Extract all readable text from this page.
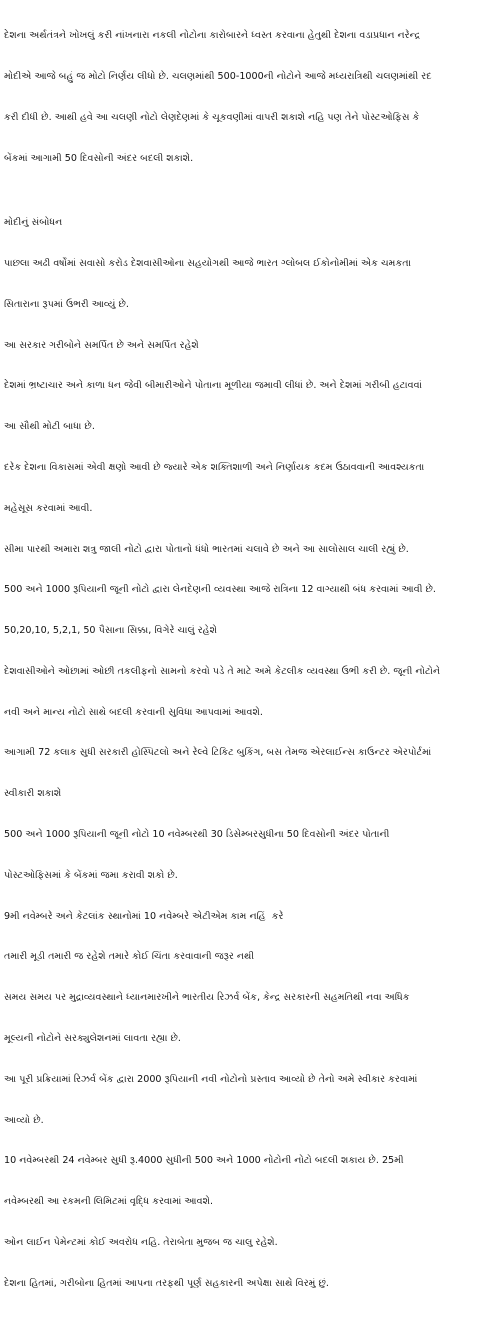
દેશના અર્થતંત્રને ખોખલું કરી નાંખનારા નકલી નોટોના કારોબારને ધ્વસ્ત કરવાના હેતુથી દેશના વડાપ્રધાન નરેન્દ્ર

મોદીએ આજે બહું જ મોટો નિર્ણય લીધો છે. ચલણમાંથી 500-1000ની નોટોને આજે મધ્યરાત્રિથી ચલણમાંથી રદ

કરી દીધી છે. આથી હવે આ ચલણી નોટો લેણદેણમાં કે ચૂકવણીમાં વાપરી શકાશે નહિ પણ તેને પોસ્ટઓફિસ કે

બેંકમાં આગામી 50 દિવસોની અંદર બદલી શકાશે.

મોદીનું સંબોધન

પાછલા અઢી વર્ષોમાં સવાસો કરોડ દેશવાસીઓના સહયોગથી આજે ભારત ગ્લોબલ ઈકોનોમીમાં એક ચમકતા

સિતારાના રૂપમાં ઉભરી આવ્યું છે.

આ સરકાર ગરીબોને સમર્પિત છે અને સમર્પિત રહેશે

દેશમાં ભ્રષ્ટાચાર અને કાળા ધન જેવી બીમારીઓને પોતાના મૂળીયા જમાવી લીધાં છે. અને દેશમાં ગરીબી હટાવવાં

આ સૌથી મોટી બાધા છે.

દરેક દેશના વિકાસમાં એવી ક્ષણો આવી છે જ્યારે એક શક્તિશાળી અને નિર્ણાયક કદમ ઉઠાવવાની આવશ્યકતા

મહેસૂસ કરવામાં આવી.

સીમા પારથી અમારા શત્રુ જાલી નોટો દ્વારા પોતાનો ધંધો ભારતમાં ચલાવે છે અને આ સાલોસાલ ચાલી રહ્યું છે.

500 અને 1000 રૂપિયાની જૂની નોટો દ્વારા લેનદેણની વ્યવસ્થા આજે રાત્રિના 12 વાગ્યાથી બંધ કરવામાં આવી છે.

50,20,10, 5,2,1, 50 પૈસાના સિક્કા, વિગેરે ચાલું રહેશે

દેશવાસીઓને ઓછામાં ઓછી તકલીફનો સામનો કરવો પડે તે માટે અમે કેટલીક વ્યવસ્થા ઉભી કરી છે. જૂની નોટોને

નવી અને માન્ય નોટો સાથે બદલી કરવાની સુવિધા આપવામાં આવશે.

આગામી 72 કલાક સુધી સરકારી હોસ્પિટલો અને રેલ્વે ટિકિટ બુકિંગ, બસ તેમજ એરલાઈન્સ કાઉન્ટર એરપોર્ટમાં

સ્વીકારી શકાશે

500 અને 1000 રૂપિયાની જૂની નોટો 10 નવેમ્બરથી 30 ડિસેમ્બરસુધીના 50 દિવસોની અંદર પોતાની

પોસ્ટઓફિસમાં કે બેંકમાં જમા કરાવી શકો છે.

9મી નવેમ્બરે અને કેટલાંક સ્થાનોમાં 10 નવેમ્બરે એટીએમ કામ નહિં  કરે

તમારી મૂડી તમારી જ રહેશે તમારે કોઈ ચિંતા કરવાવાની જરૂર નથી

સમય સમય પર મુદ્રાવ્યવસ્થાને ધ્યાનમારખીને ભારતીય રિઝર્વ બેંક, કેન્દ્ર સરકારની સહમતિથી નવા અધિક

મૂલ્યની નોટોને સરક્યુલેશનમાં લાવતા રહ્યા છે.

આ પૂરી પ્રક્રિયામાં રિઝર્વ બેંક દ્વારા 2000 રૂપિયાની નવી નોટોનો પ્રસ્તાવ આવ્યો છે તેનો અમે સ્વીકાર કરવામાં

આવ્યો છે.

10 નવેમ્બરથી 24 નવેમ્બર સુધી રૂ.4000 સુધીની 500 અને 1000 નોટોની નોટો બદલી શકાય છે. 25મી

નવેમ્બરથી આ રકમની લિમિટમાં વૃદ્ધિ કરવામાં આવશે.

ઓન લાઈન પેમેન્ટમાં કોઈ અવરોધ નહિ. તેરાબેતા મુજબ જ ચાલુ રહેશે.

દેશના હિતમાં, ગરીબોના હિતમાં આપના તરફથી પૂર્ણ સહકારની અપેક્ષા સાથે વિરમું છું.
